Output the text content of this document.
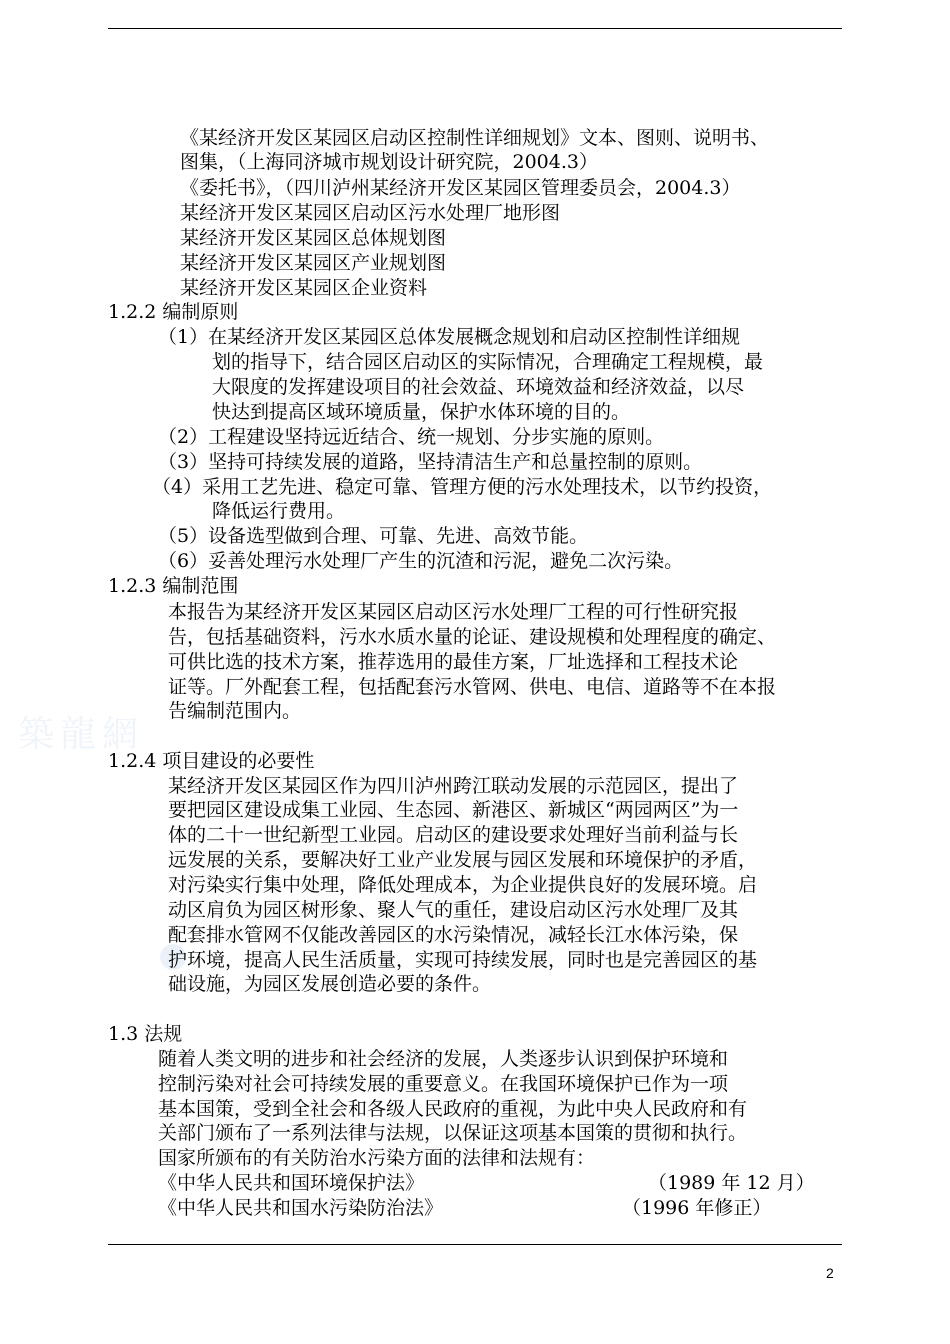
築龍網
《某经济开发区某园区启动区控制性详细规划》文本、图则、说明书、
图集，（上海同济城市规划设计研究院，2004.3）
《委托书》，（四川泸州某经济开发区某园区管理委员会，2004.3）
某经济开发区某园区启动区污水处理厂地形图
某经济开发区某园区总体规划图
某经济开发区某园区产业规划图
某经济开发区某园区企业资料
1.2.2 编制原则
（1）在某经济开发区某园区总体发展概念规划和启动区控制性详细规
划的指导下，结合园区启动区的实际情况，合理确定工程规模，最
大限度的发挥建设项目的社会效益、环境效益和经济效益，以尽
快达到提高区域环境质量，保护水体环境的目的。
（2）工程建设坚持远近结合、统一规划、分步实施的原则。
（3）坚持可持续发展的道路，坚持清洁生产和总量控制的原则。
（4）采用工艺先进、稳定可靠、管理方便的污水处理技术，以节约投资，
降低运行费用。
（5）设备选型做到合理、可靠、先进、高效节能。
（6）妥善处理污水处理厂产生的沉渣和污泥，避免二次污染。
1.2.3 编制范围
本报告为某经济开发区某园区启动区污水处理厂工程的可行性研究报
告，包括基础资料，污水水质水量的论证、建设规模和处理程度的确定、
可供比选的技术方案，推荐选用的最佳方案，厂址选择和工程技术论
证等。厂外配套工程，包括配套污水管网、供电、电信、道路等不在本报
告编制范围内。
1.2.4 项目建设的必要性
某经济开发区某园区作为四川泸州跨江联动发展的示范园区，提出了
要把园区建设成集工业园、生态园、新港区、新城区“两园两区”为一
体的二十一世纪新型工业园。启动区的建设要求处理好当前利益与长
远发展的关系，要解决好工业产业发展与园区发展和环境保护的矛盾，
对污染实行集中处理，降低处理成本，为企业提供良好的发展环境。启
动区肩负为园区树形象、聚人气的重任，建设启动区污水处理厂及其
配套排水管网不仅能改善园区的水污染情况，减轻长江水体污染，保
护环境，提高人民生活质量，实现可持续发展，同时也是完善园区的基
础设施，为园区发展创造必要的条件。
1.3 法规
随着人类文明的进步和社会经济的发展，人类逐步认识到保护环境和
控制污染对社会可持续发展的重要意义。在我国环境保护已作为一项
基本国策，受到全社会和各级人民政府的重视，为此中央人民政府和有
关部门颁布了一系列法律与法规，以保证这项基本国策的贯彻和执行。
国家所颁布的有关防治水污染方面的法律和法规有：
《中华人民共和国环境保护法》	（1989 年 12 月）
《中华人民共和国水污染防治法》	（1996 年修正）
2
